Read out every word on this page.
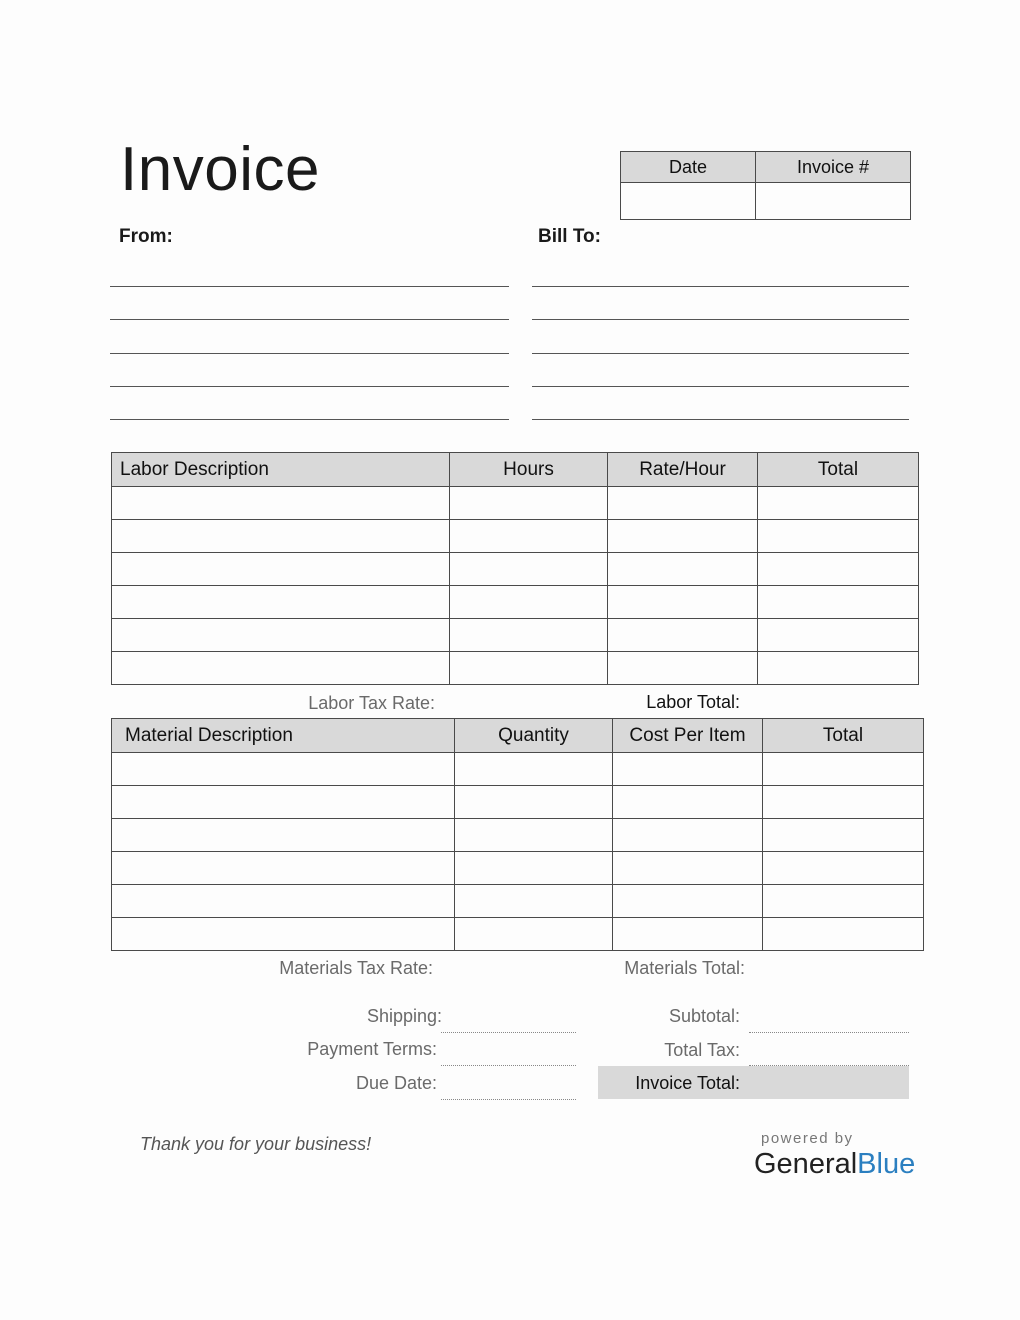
Invoice	Date	Invoice #

From:	Bill To:
Labor Description	Hours	Rate/Hour	Total

Labor Tax Rate:	Labor Total:
Material Description	Quantity	Cost Per Item	Total

Materials Tax Rate:	Materials Total:
Shipping:
Payment Terms:
Due Date:
Subtotal:
Total Tax:
Invoice Total:
Thank you for your business!	powered by
GeneralBlue
